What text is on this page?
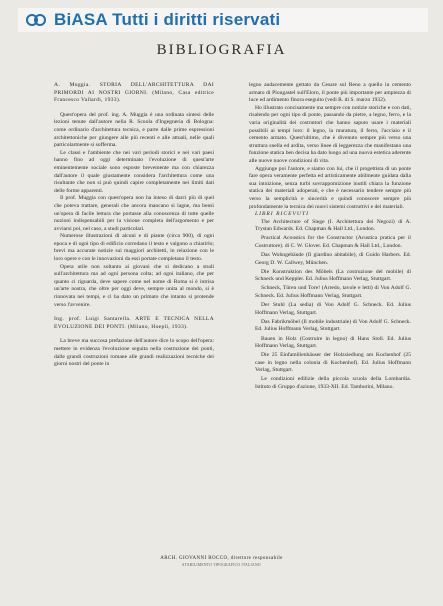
BiASA Tutti i diritti riservati
BIBLIOGRAFIA

A. Muggia. STORIA DELL'ARCHITETTURA DAI PRIMORDI AI NOSTRI GIORNI. (Milano, Casa editrice Francesco Vallardi, 1933).

Quest'opera del prof. ing. A. Muggia è una ordinata sintesi delle lezioni tenute dall'autore nella R. Scuola d'Ingegneria di Bologna: come ordinario d'architettura tecnica, e parte dalle prime espressioni architettoniche per giungere alle più recenti e alle attuali, nelle quali particolarmente si sofferma.

Le classi e l'ambiente che nei vari periodi storici e nei vari paesi hanno fino ad oggi determinato l'evoluzione di quest'arte eminentemente sociale sono esposte brevemente ma con chiarezza dall'autore il quale giustamente considera l'architettura come una risultante che non si può quindi capire completamente nei limiti dati delle forme apparenti.

Il prof. Muggia con quest'opera non ha inteso di darci più di quel che poteva trattare, generali che ancora mancano si lagne, ma bensì un'opera di facile lettura che portasse alla conoscenza di tutte quelle nozioni indispensabili per la visione completa dell'argomento e per avviarsi poi, nel caso, a studi particolari.

Numerose illustrazioni di alcuni e di piante (circa 900), di ogni epoca e di ogni tipo di edificio corredano il testo e valgono a chiarirlo; brevi ma accurate notizie sui maggiori architetti, in relazione con le loro opere e con le innovazioni da essi portate completano il testo.

Opera utile non soltanto ai giovani che si dedicano a studi sull'architettura ma ad ogni persona colta; ad ogni italiano, che per quanto ci riguarda, deve sapere come nel nome di Roma si è intrisa un'arte nostra, che oltre per oggi deve, sempre unita al mondo, si è rinnovata nei tempi, e ci ha dato un primato che intanto si protende verso l'avvenire.

Ing. prof. Luigi Santarella. ARTE E TECNICA NELLA EVOLUZIONE DEI PONTI. (Milano, Hoepli, 1933).

La breve ma succosa prefazione dell'autore dice lo scopo dell'opera: mettere in evidenza l'evoluzione seguita nella costruzione dei ponti, dalle grandi costruzioni romane alle grandi realizzazioni tecniche dei giorni nostri del ponte in

legno audacemente gettato da Cesare sul Reno a quello in cemento armato di Plougastel sull'Elorn, il ponte più importante per ampiezza di luce ed ardimento finora eseguito (vedi R. di S. marzo 1932).

Ho illustrato concisamente ma sempre con notizie storiche e con dati, risalendo per ogni tipo di ponte, passando da pietre, a legno, ferro, e la varia originalità dei costruttori che hanno saputo usare i materiali possibili ai tempi loro: il legno, la muratura, il ferro, l'acciaio e il cemento armato. Quest'ultimo, che è divenuto sempre più verso una struttura snella ed ardita, verso linee di leggerezza che manifestano una funzione statica ben decisa ha dato luogo ad una nuova estetica aderente alle nuove nuove condizioni di vita.

Aggiunge poi l'autore, e siamo con lui, che il progettista di un ponte fare opera veramente perfetta ed artisticamente abilmente guidata dalla sua intuizione, senza turbi sovrappomizione inutili chiara la funzione statica dei materiali adoperati, e che è necessario tendere sempre più verso la semplicità e sincerità e quindi conoscere sempre più profondamente la tecnica dei nuovi sistemi costruttivi e dei materiali.

LIBRI RICEVUTI

The Architecture of Siege (I. Architettura dei Negozi) di A. Trystan Edwards. Ed. Chapman & Hall Ltd., London.

Practical Acoustics for the Constructor (Acustica pratica per il Costruttore). di C. W. Glover. Ed. Chapman & Hall Ltd., London.

Das Wohngebäude (Il giardino abitabile), di Guido Harbers. Ed. Georg D. W. Callwey, München.

Die Konstruktion des Möbels (La costruzione del mobile) di Schneck und Keppler. Ed. Julius Hoffmann Verlag, Stuttgart.

Schneck, Türen und Tore! (Arredo, tavole e letti) di Von Adolf G. Schneck. Ed. Julius Hoffmann Verlag, Stuttgart.

Der Stuhl (La sedia) di Von Adolf G. Schneck. Ed. Julius Hoffmann Verlag, Stuttgart.

Das Fabrikmöbel (Il mobile industriale) di Von Adolf G. Schneck. Ed. Julius Hoffmann Verlag, Stuttgart.

Bauen in Holz (Costruire in legno) di Hans Stoll. Ed. Julius Hoffmann Verlag, Stuttgart.

Die 25 Einfamilienhäuser der Holzsiedlung am Kochenhof (25 case in legno nella colonia di Kochenhof). Ed. Julius Hoffmann Verlag, Stuttgart.

Le condizioni edilizie della piccola scuola della Lombardia. Istituto di Gruppo d'azione, 1933-XII. Ed. Tamburini, Milano.

ARCH. GIOVANNI ROCCO, direttore responsabile
STABILIMENTO TIPOGRAFICO ITALIANO
